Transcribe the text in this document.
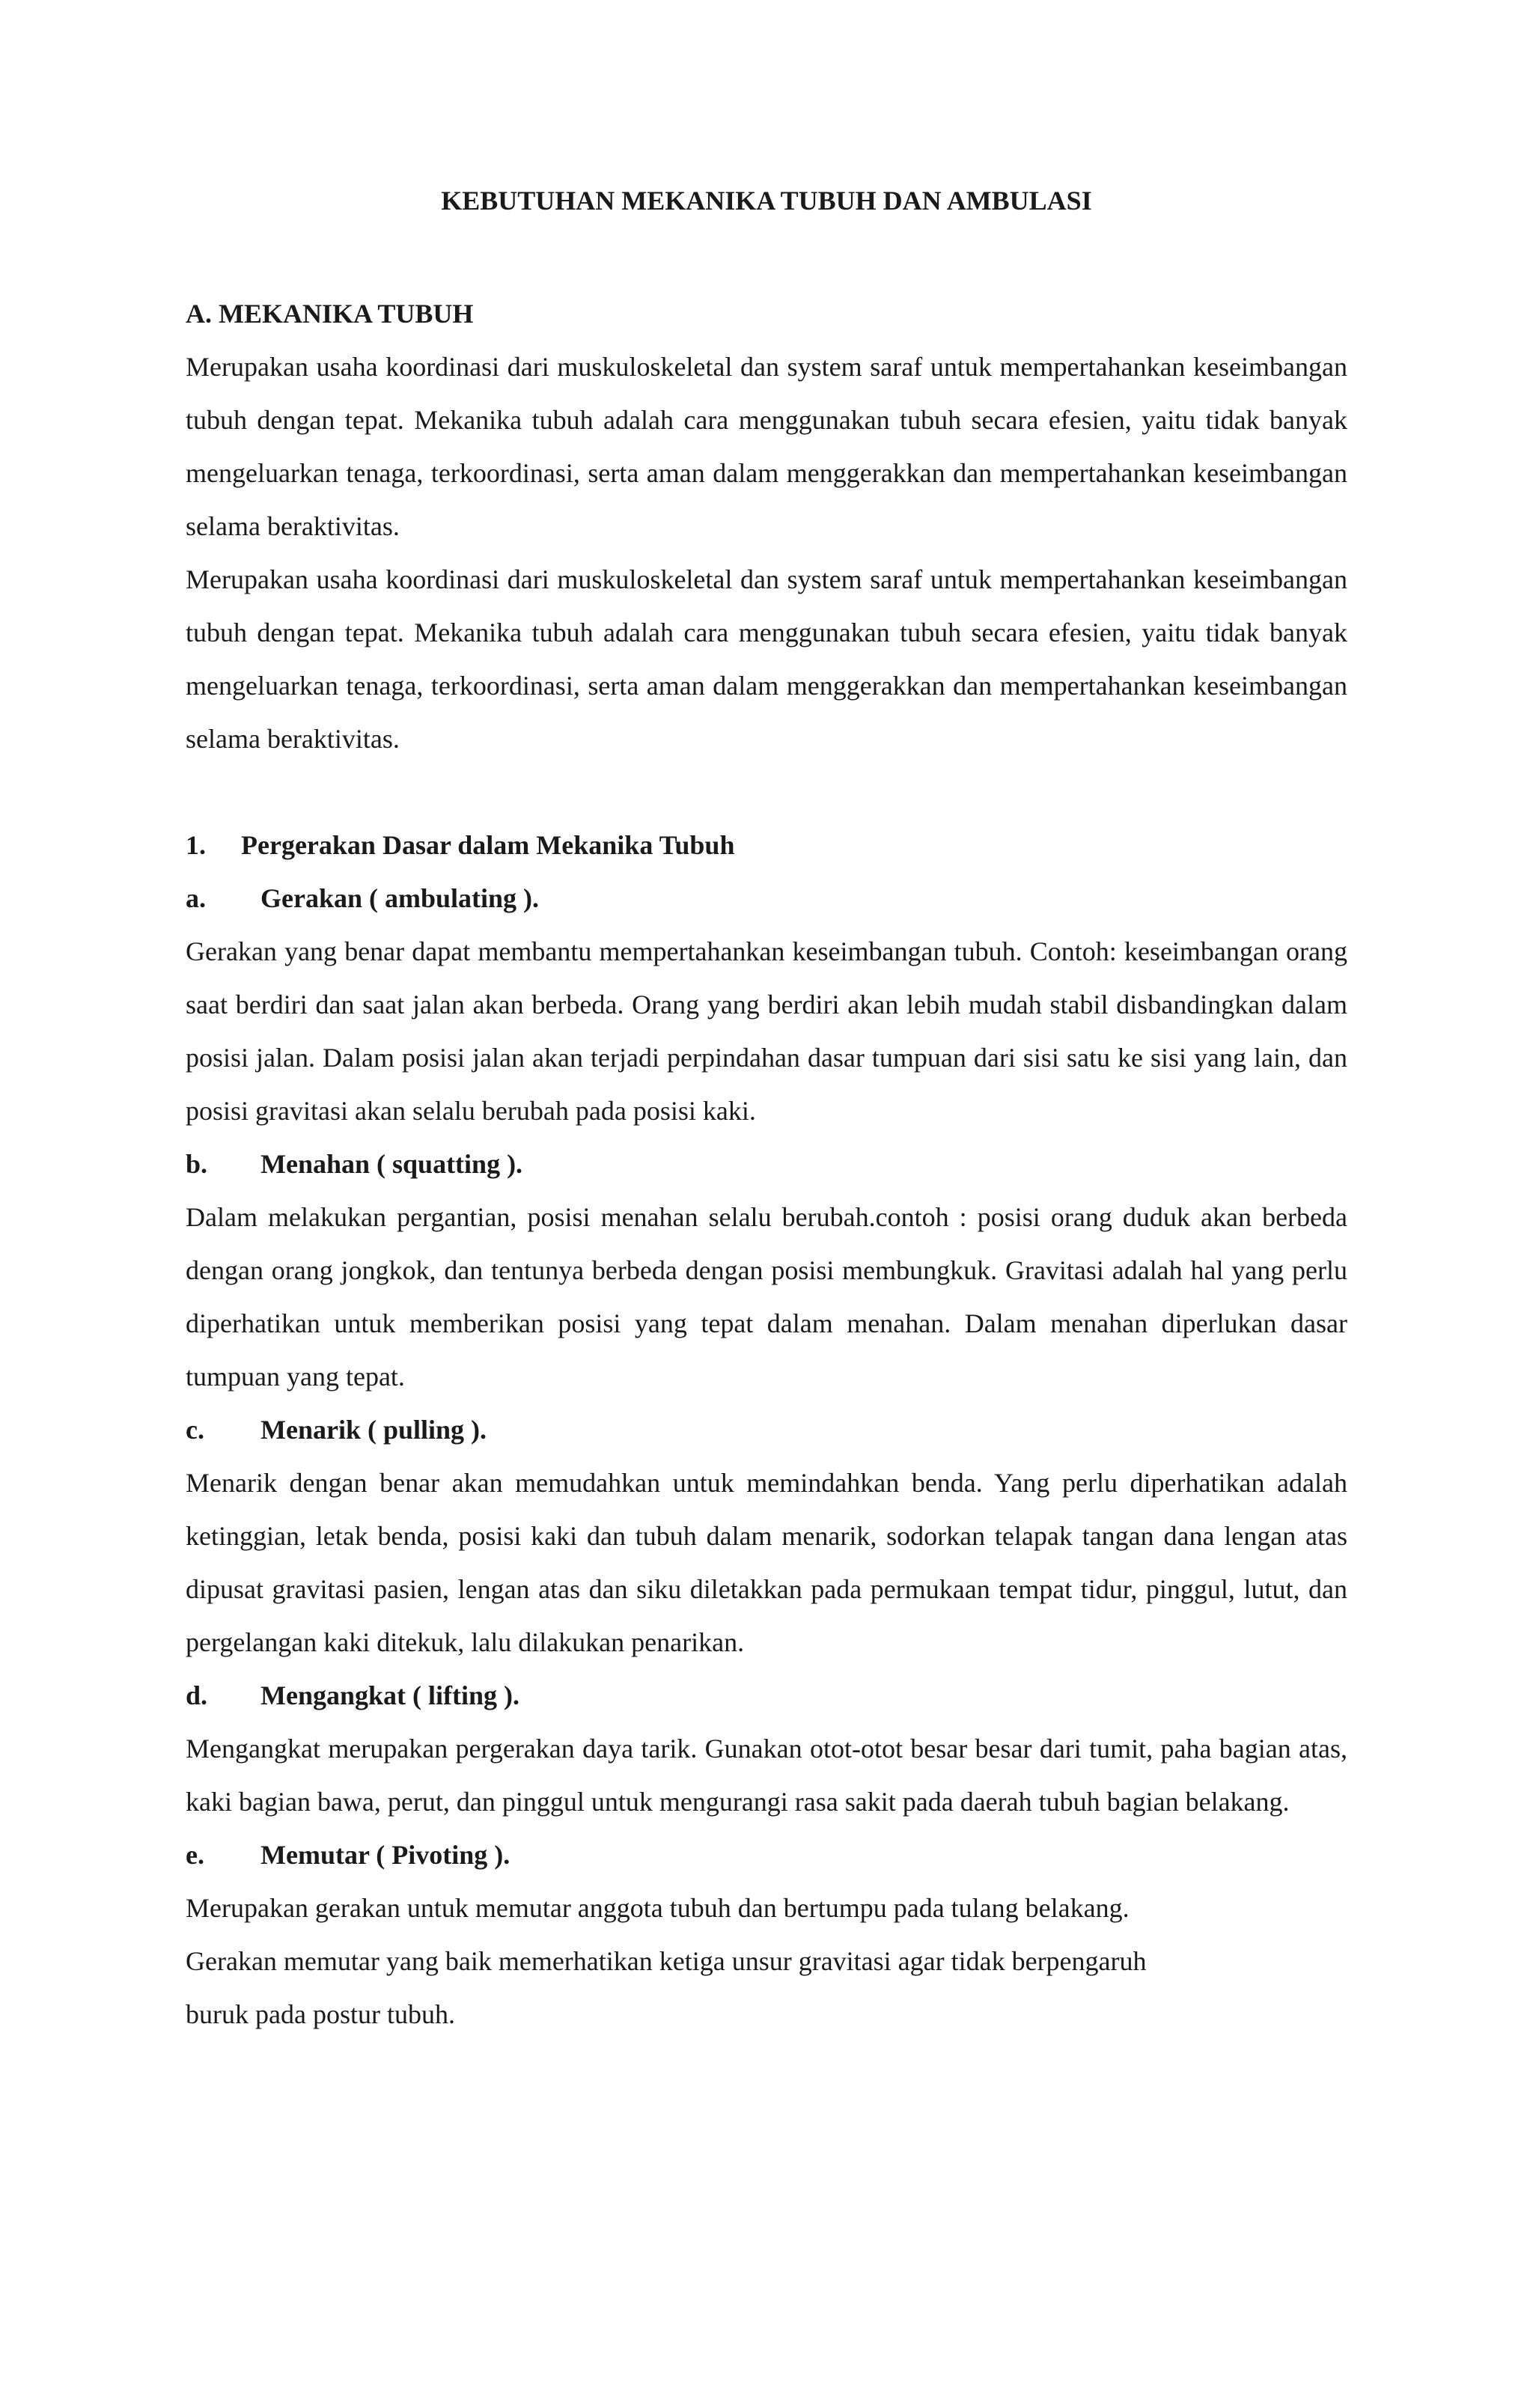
KEBUTUHAN MEKANIKA TUBUH DAN AMBULASI
A. MEKANIKA TUBUH

Merupakan usaha koordinasi dari muskuloskeletal dan system saraf untuk mempertahankan keseimbangan tubuh dengan tepat. Mekanika tubuh adalah cara menggunakan tubuh secara efesien, yaitu tidak banyak mengeluarkan tenaga, terkoordinasi, serta aman dalam menggerakkan dan mempertahankan keseimbangan selama beraktivitas.

Merupakan usaha koordinasi dari muskuloskeletal dan system saraf untuk mempertahankan keseimbangan tubuh dengan tepat. Mekanika tubuh adalah cara menggunakan tubuh secara efesien, yaitu tidak banyak mengeluarkan tenaga, terkoordinasi, serta aman dalam menggerakkan dan mempertahankan keseimbangan selama beraktivitas.

1. Pergerakan Dasar dalam Mekanika Tubuh
a. Gerakan ( ambulating ).

Gerakan yang benar dapat membantu mempertahankan keseimbangan tubuh. Contoh: keseimbangan orang saat berdiri dan saat jalan akan berbeda. Orang yang berdiri akan lebih mudah stabil disbandingkan dalam posisi jalan. Dalam posisi jalan akan terjadi perpindahan dasar tumpuan dari sisi satu ke sisi yang lain, dan posisi gravitasi akan selalu berubah pada posisi kaki.

b. Menahan ( squatting ).

Dalam melakukan pergantian, posisi menahan selalu berubah.contoh : posisi orang duduk akan berbeda dengan orang jongkok, dan tentunya berbeda dengan posisi membungkuk. Gravitasi adalah hal yang perlu diperhatikan untuk memberikan posisi yang tepat dalam menahan. Dalam menahan diperlukan dasar tumpuan yang tepat.

c. Menarik ( pulling ).

Menarik dengan benar akan memudahkan untuk memindahkan benda. Yang perlu diperhatikan adalah ketinggian, letak benda, posisi kaki dan tubuh dalam menarik, sodorkan telapak tangan dana lengan atas dipusat gravitasi pasien, lengan atas dan siku diletakkan pada permukaan tempat tidur, pinggul, lutut, dan pergelangan kaki ditekuk, lalu dilakukan penarikan.

d. Mengangkat ( lifting ).

Mengangkat merupakan pergerakan daya tarik. Gunakan otot-otot besar besar dari tumit, paha bagian atas, kaki bagian bawa, perut, dan pinggul untuk mengurangi rasa sakit pada daerah tubuh bagian belakang.

e. Memutar ( Pivoting ).

Merupakan gerakan untuk memutar anggota tubuh dan bertumpu pada tulang belakang.

Gerakan memutar yang baik memerhatikan ketiga unsur gravitasi agar tidak berpengaruh

buruk pada postur tubuh.
